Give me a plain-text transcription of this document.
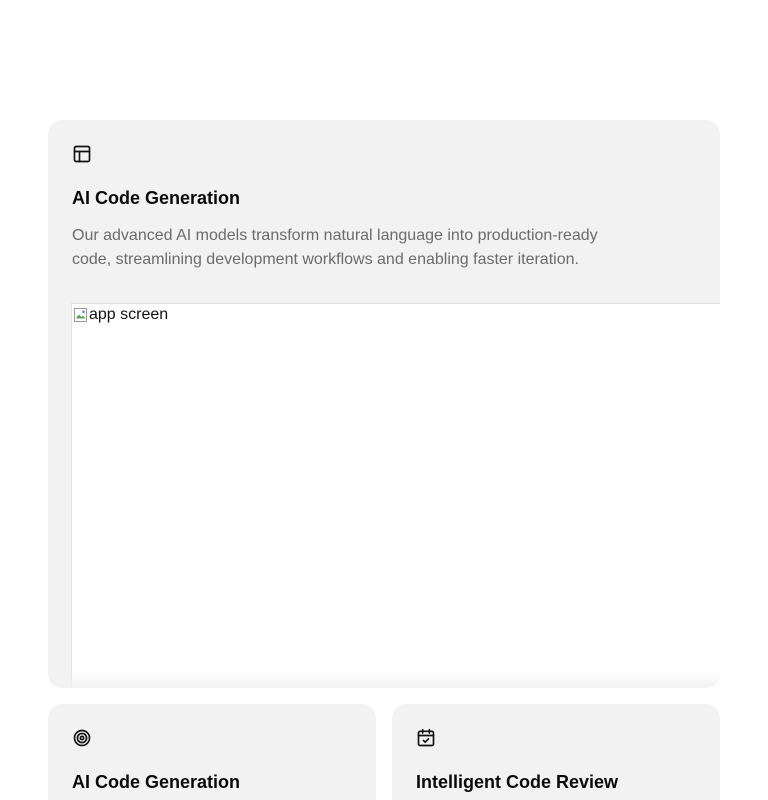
AI Code Generation

Our advanced AI models transform natural language into production-ready code, streamlining development workflows and enabling faster iteration.

app screen
AI Code Generation	Intelligent Code Review
